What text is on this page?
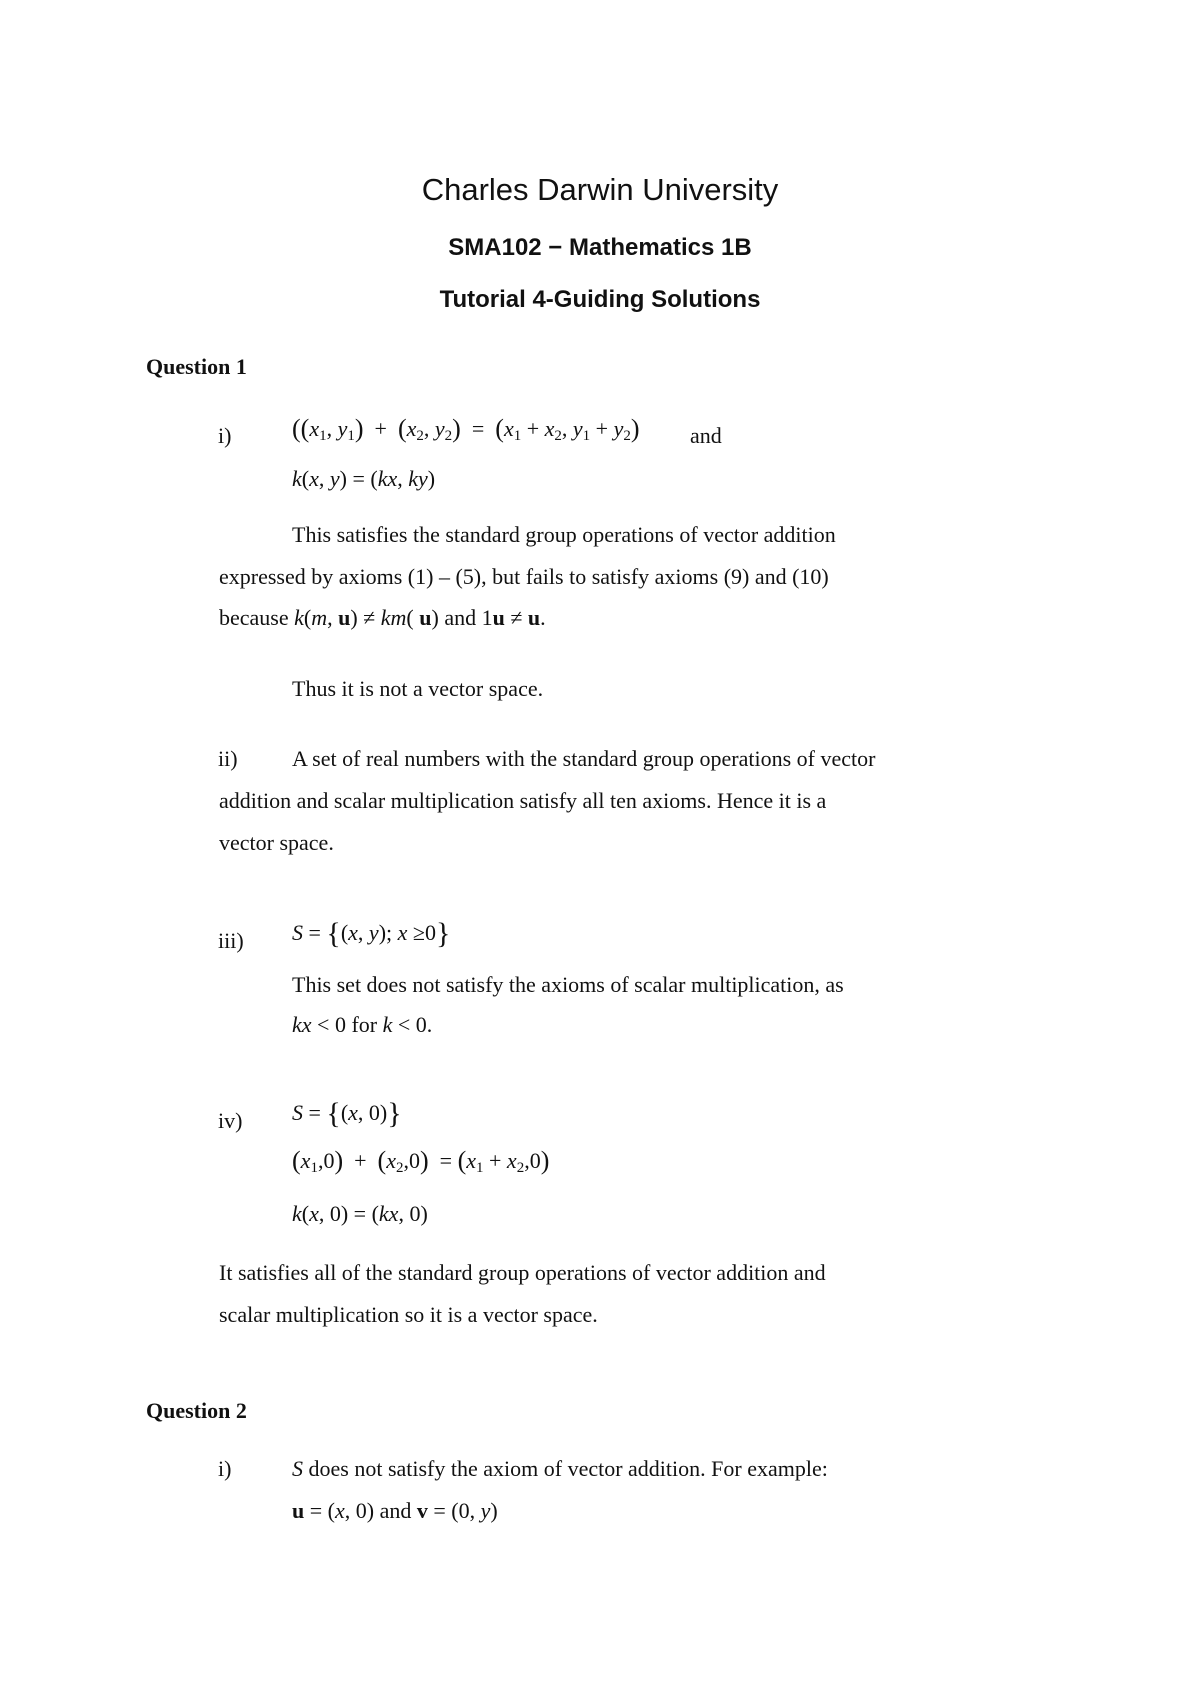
Charles Darwin University
SMA102 − Mathematics 1B
Tutorial 4-Guiding Solutions
Question 1
i) (($x_1$, $y_1) + (x_2$, $y_2) = (x_1 + x_2$, $y_1 + y_2$) and
k(x, y) = (kx, ky)
This satisfies the standard group operations of vector addition
expressed by axioms (1) – (5), but fails to satisfy axioms (9) and (10)
because k(m, u) ≠ km( u) and 1u ≠ u.
Thus it is not a vector space.
ii) A set of real numbers with the standard group operations of vector
addition and scalar multiplication satisfy all ten axioms. Hence it is a
vector space.
iii) S = {(x, y); x ≥0}
This set does not satisfy the axioms of scalar multiplication, as
kx < 0 for k < 0.
iv) S = {(x, 0)}
$(x_1,0) + (x_2,0) = (x_1 + x_2,0)$
k(x, 0) = (kx, 0)
It satisfies all of the standard group operations of vector addition and
scalar multiplication so it is a vector space.
Question 2
i)	S does not satisfy the axiom of vector addition. For example:
u = (x, 0) and v = (0, y)
